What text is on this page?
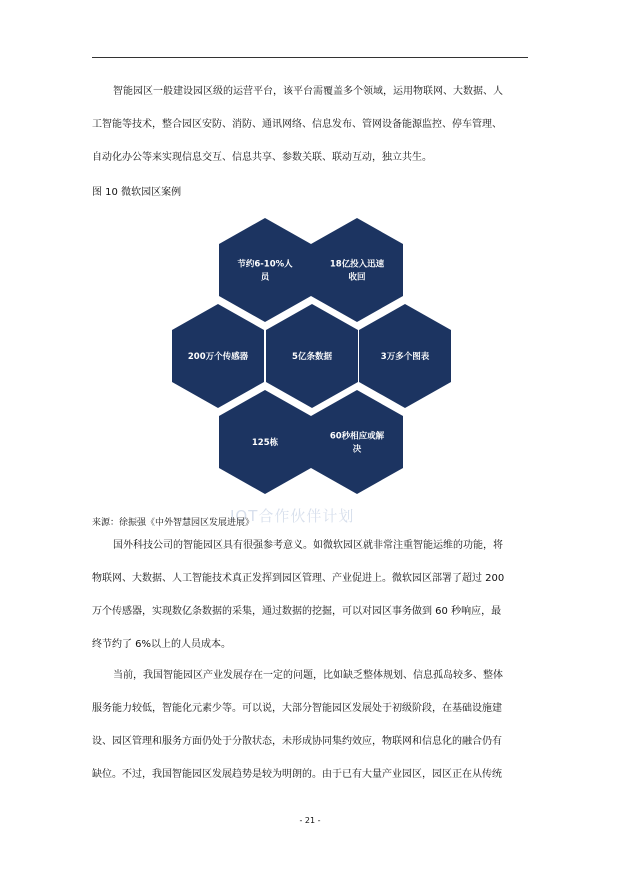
智能园区一般建设园区级的运营平台，该平台需覆盖多个领域，运用物联网、大数据、人
工智能等技术，整合园区安防、消防、通讯网络、信息发布、管网设备能源监控、停车管理、
自动化办公等来实现信息交互、信息共享、参数关联、联动互动，独立共生。
图 10 微软园区案例
节约6-10%人
员
18亿投入迅速
收回
200万个传感器	5亿条数据	3万多个图表
125栋
60秒相应或解
决
IOT合作伙伴计划
来源：徐振强《中外智慧园区发展进展》
国外科技公司的智能园区具有很强参考意义。如微软园区就非常注重智能运维的功能，将
物联网、大数据、人工智能技术真正发挥到园区管理、产业促进上。微软园区部署了超过 200
万个传感器，实现数亿条数据的采集，通过数据的挖掘，可以对园区事务做到 60 秒响应，最
终节约了 6%以上的人员成本。
当前，我国智能园区产业发展存在一定的问题，比如缺乏整体规划、信息孤岛较多、整体
服务能力较低，智能化元素少等。可以说，大部分智能园区发展处于初级阶段，在基础设施建
设、园区管理和服务方面仍处于分散状态，未形成协同集约效应，物联网和信息化的融合仍有
缺位。不过，我国智能园区发展趋势是较为明朗的。由于已有大量产业园区，园区正在从传统
- 21 -
